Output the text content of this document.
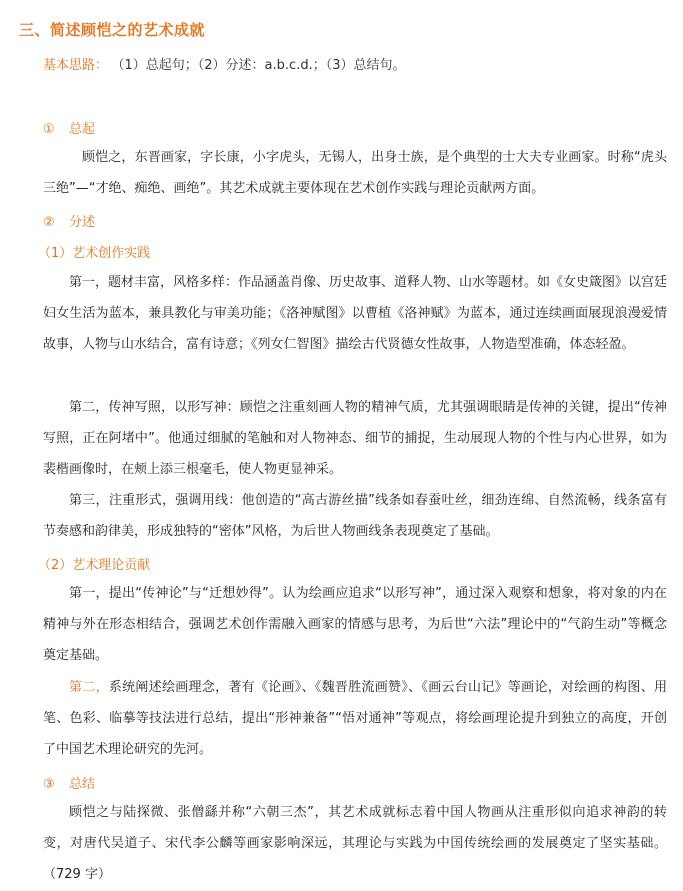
三、简述顾恺之的艺术成就
基本思路： （1）总起句；（2）分述：a.b.c.d.；（3）总结句。
① 总起

顾恺之，东晋画家，字长康，小字虎头，无锡人，出身士族，是个典型的士大夫专业画家。时称“虎头三绝”—“才绝、痴绝、画绝”。其艺术成就主要体现在艺术创作实践与理论贡献两方面。

② 分述
（1）艺术创作实践

第一，题材丰富，风格多样：作品涵盖肖像、历史故事、道释人物、山水等题材。如《女史箴图》以宫廷妇女生活为蓝本，兼具教化与审美功能；《洛神赋图》以曹植《洛神赋》为蓝本，通过连续画面展现浪漫爱情故事，人物与山水结合，富有诗意；《列女仁智图》描绘古代贤德女性故事，人物造型准确，体态轻盈。

第二，传神写照，以形写神：顾恺之注重刻画人物的精神气质，尤其强调眼睛是传神的关键，提出“传神写照，正在阿堵中”。他通过细腻的笔触和对人物神态、细节的捕捉，生动展现人物的个性与内心世界，如为裴楷画像时，在颊上添三根毫毛，使人物更显神采。

第三，注重形式，强调用线：他创造的“高古游丝描”线条如春蚕吐丝，细劲连绵、自然流畅，线条富有节奏感和韵律美，形成独特的“密体”风格，为后世人物画线条表现奠定了基础。

（2）艺术理论贡献

第一，提出“传神论”与“迁想妙得”。认为绘画应追求“以形写神”，通过深入观察和想象，将对象的内在精神与外在形态相结合，强调艺术创作需融入画家的情感与思考，为后世“六法”理论中的“气韵生动”等概念奠定基础。

第二，系统阐述绘画理念，著有《论画》、《魏晋胜流画赞》、《画云台山记》等画论，对绘画的构图、用笔、色彩、临摹等技法进行总结，提出“形神兼备”“悟对通神”等观点，将绘画理论提升到独立的高度，开创了中国艺术理论研究的先河。

③ 总结

顾恺之与陆探微、张僧繇并称“六朝三杰”，其艺术成就标志着中国人物画从注重形似向追求神韵的转变，对唐代吴道子、宋代李公麟等画家影响深远，其理论与实践为中国传统绘画的发展奠定了坚实基础。（729 字）
